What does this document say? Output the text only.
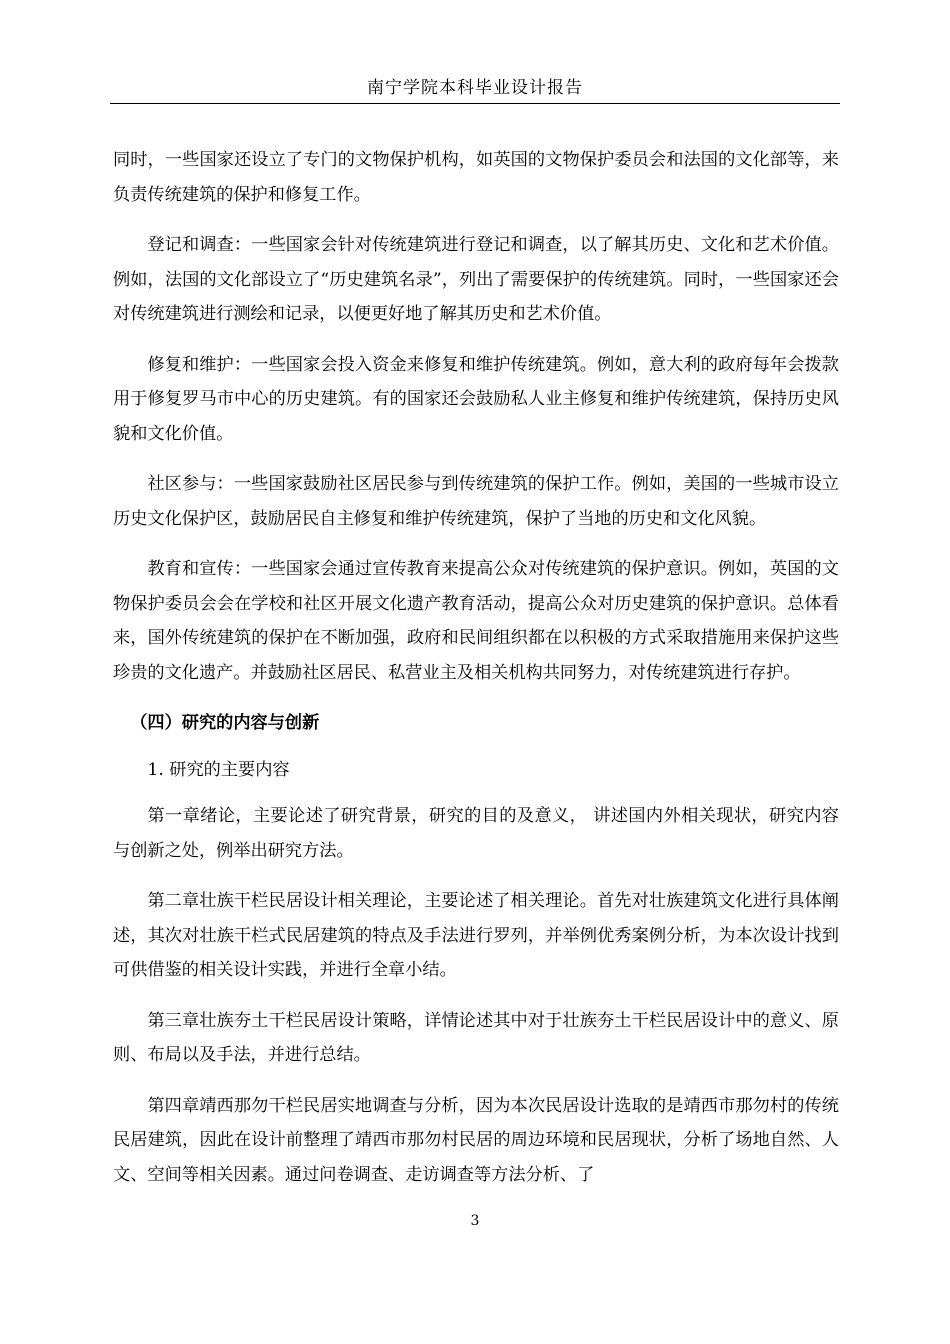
南宁学院本科毕业设计报告

同时，一些国家还设立了专门的文物保护机构，如英国的文物保护委员会和法国的文化部等，来负责传统建筑的保护和修复工作。

登记和调查：一些国家会针对传统建筑进行登记和调查，以了解其历史、文化和艺术价值。例如，法国的文化部设立了“历史建筑名录”，列出了需要保护的传统建筑。同时，一些国家还会对传统建筑进行测绘和记录，以便更好地了解其历史和艺术价值。

修复和维护：一些国家会投入资金来修复和维护传统建筑。例如，意大利的政府每年会拨款用于修复罗马市中心的历史建筑。有的国家还会鼓励私人业主修复和维护传统建筑，保持历史风貌和文化价值。

社区参与：一些国家鼓励社区居民参与到传统建筑的保护工作。例如，美国的一些城市设立历史文化保护区，鼓励居民自主修复和维护传统建筑，保护了当地的历史和文化风貌。

教育和宣传：一些国家会通过宣传教育来提高公众对传统建筑的保护意识。例如，英国的文物保护委员会会在学校和社区开展文化遗产教育活动，提高公众对历史建筑的保护意识。总体看来，国外传统建筑的保护在不断加强，政府和民间组织都在以积极的方式采取措施用来保护这些珍贵的文化遗产。并鼓励社区居民、私营业主及相关机构共同努力，对传统建筑进行存护。

（四）研究的内容与创新

1. 研究的主要内容

第一章绪论，主要论述了研究背景，研究的目的及意义， 讲述国内外相关现状，研究内容与创新之处，例举出研究方法。

第二章壮族干栏民居设计相关理论，主要论述了相关理论。首先对壮族建筑文化进行具体阐述，其次对壮族干栏式民居建筑的特点及手法进行罗列，并举例优秀案例分析，为本次设计找到可供借鉴的相关设计实践，并进行全章小结。

第三章壮族夯土干栏民居设计策略，详情论述其中对于壮族夯土干栏民居设计中的意义、原则、布局以及手法，并进行总结。

第四章靖西那勿干栏民居实地调查与分析，因为本次民居设计选取的是靖西市那勿村的传统民居建筑，因此在设计前整理了靖西市那勿村民居的周边环境和民居现状，分析了场地自然、人文、空间等相关因素。通过问卷调查、走访调查等方法分析、了

3
